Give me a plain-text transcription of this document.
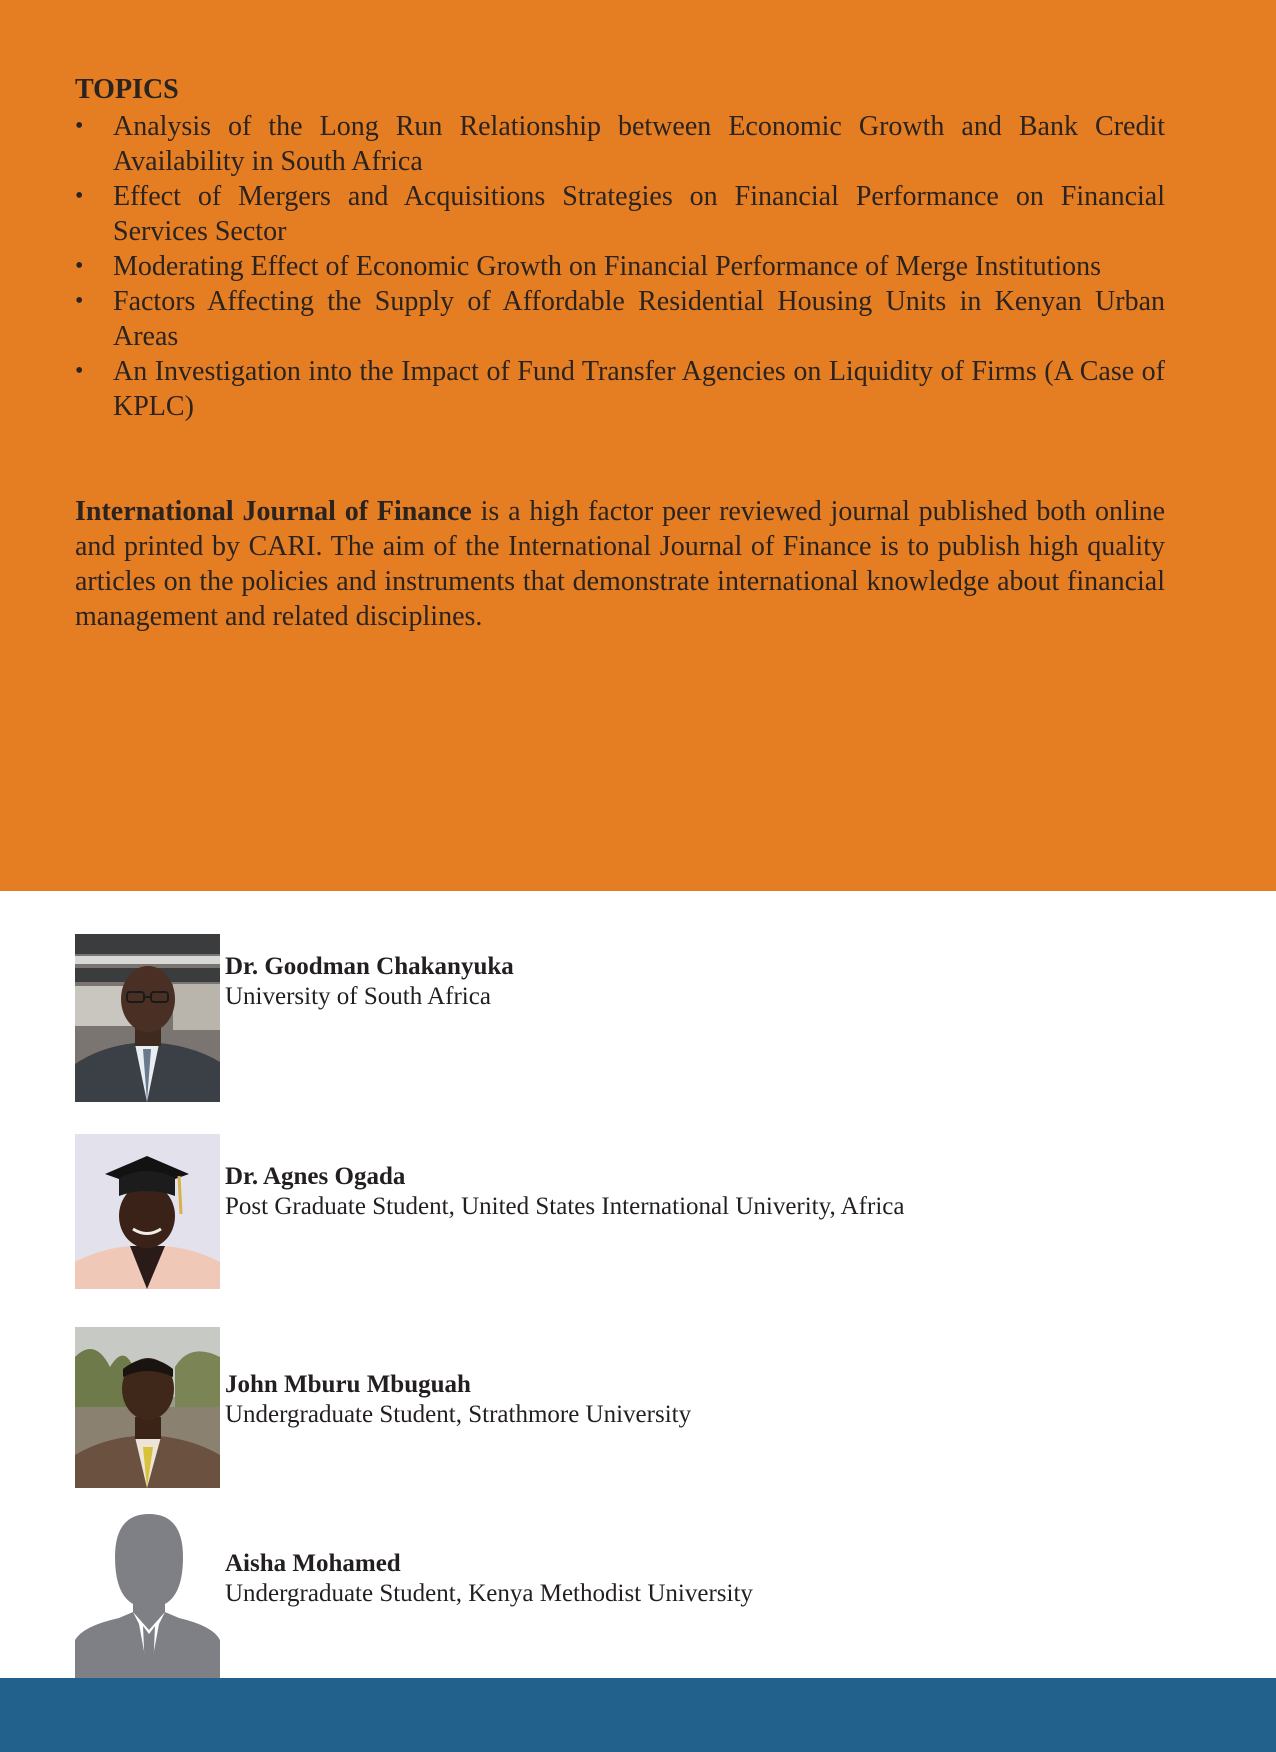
TOPICS
•	Analysis of the Long Run Relationship between Economic Growth and Bank Credit Availability in South Africa
•	Effect of Mergers and Acquisitions Strategies on Financial Performance on Financial Services Sector
•	Moderating Effect of Economic Growth on Financial Performance of Merge Institutions
•	Factors Affecting the Supply of Affordable Residential Housing Units in Kenyan Urban Areas
•	An Investigation into the Impact of Fund Transfer Agencies on Liquidity of Firms (A Case of KPLC)

International Journal of Finance is a high factor peer reviewed journal published both online and printed by CARI. The aim of the International Journal of Finance is to publish high quality articles on the policies and instruments that demonstrate international knowledge about financial management and related disciplines.

Dr. Goodman Chakanyuka
University of South Africa
Dr. Agnes Ogada
Post Graduate Student, United States International Univerity, Africa
John Mburu Mbuguah
Undergraduate Student, Strathmore University
Aisha Mohamed
Undergraduate Student, Kenya Methodist University
